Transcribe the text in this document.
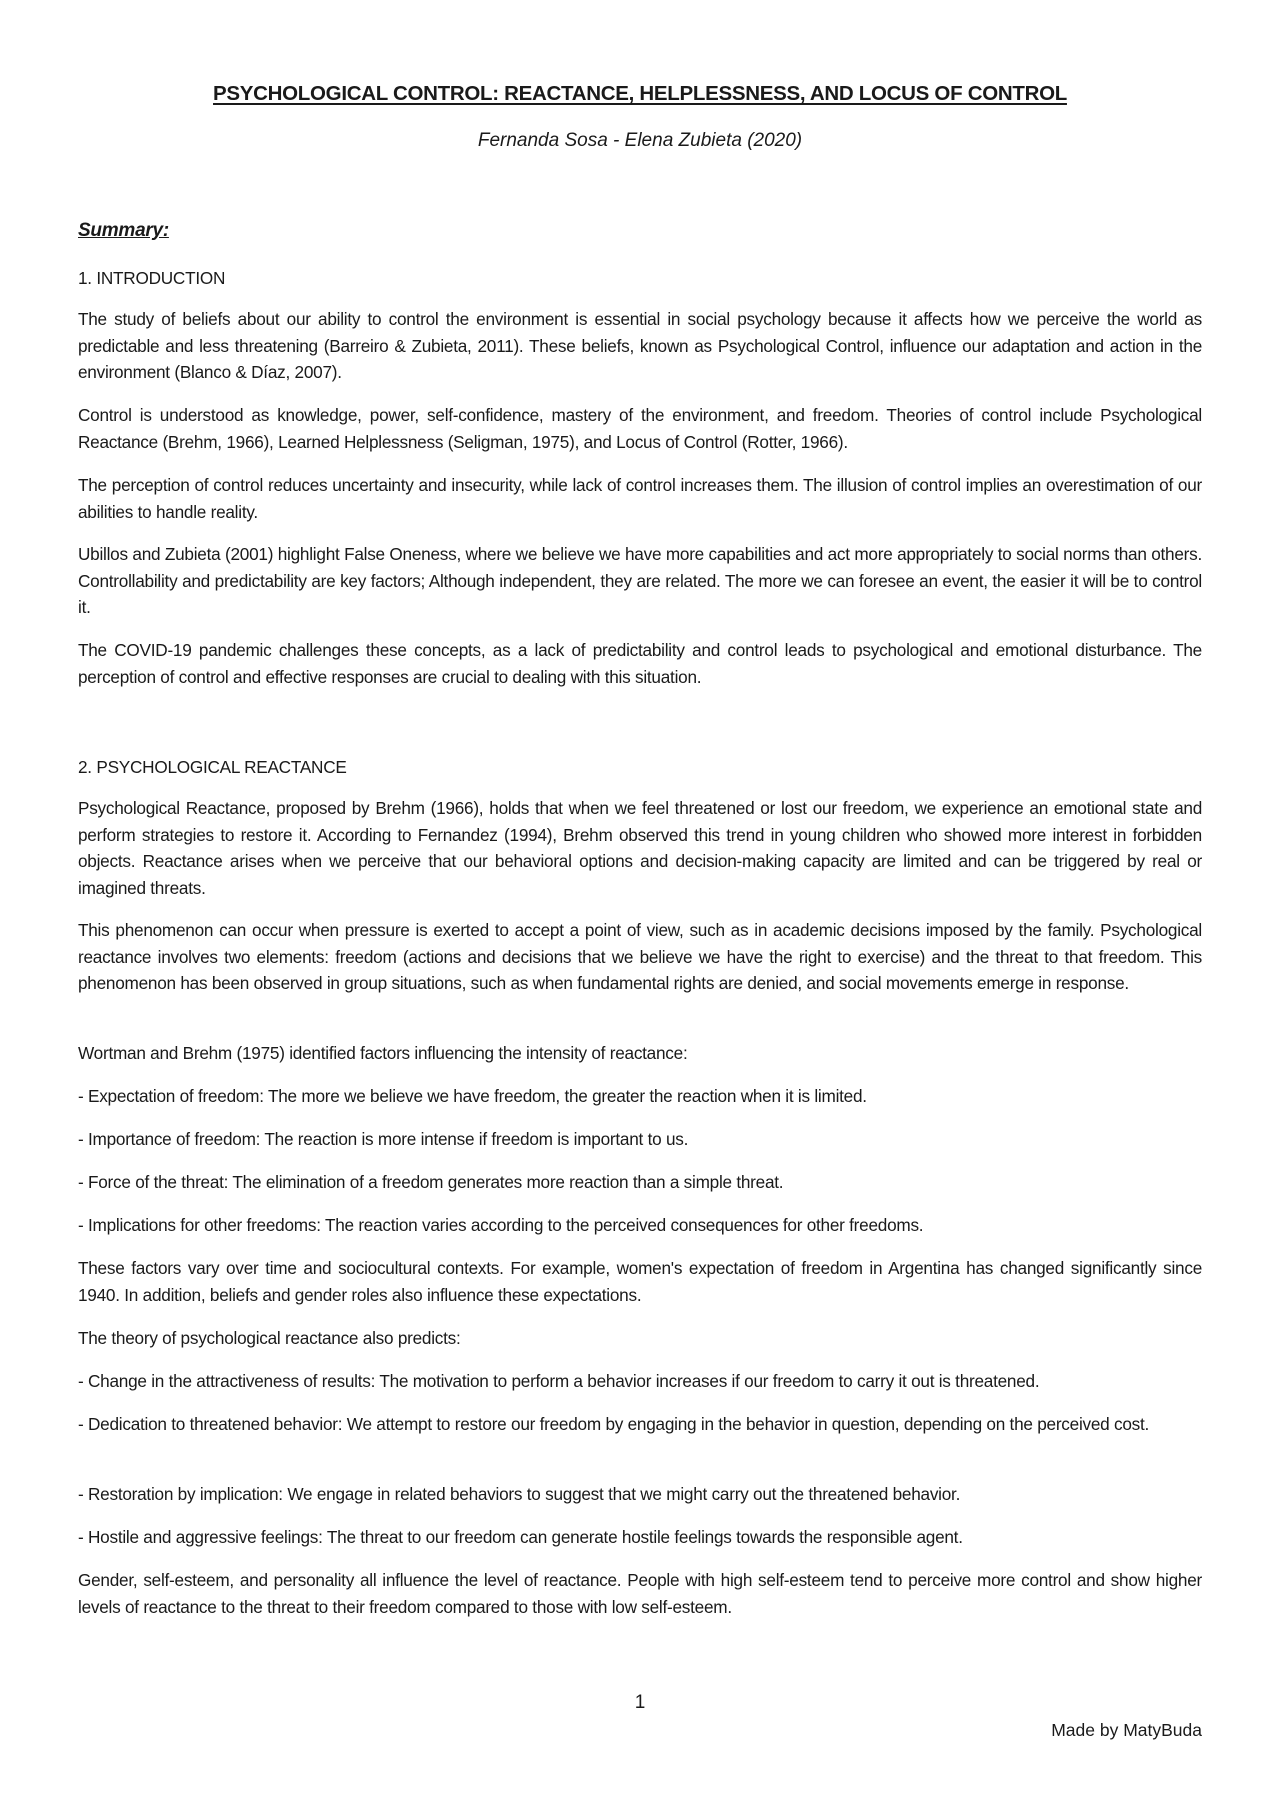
PSYCHOLOGICAL CONTROL: REACTANCE, HELPLESSNESS, AND LOCUS OF CONTROL
Fernanda Sosa - Elena Zubieta (2020)
Summary:
1. INTRODUCTION
The study of beliefs about our ability to control the environment is essential in social psychology because it affects how we perceive the world as predictable and less threatening (Barreiro & Zubieta, 2011). These beliefs, known as Psychological Control, influence our adaptation and action in the environment (Blanco & Díaz, 2007).
Control is understood as knowledge, power, self-confidence, mastery of the environment, and freedom. Theories of control include Psychological Reactance (Brehm, 1966), Learned Helplessness (Seligman, 1975), and Locus of Control (Rotter, 1966).
The perception of control reduces uncertainty and insecurity, while lack of control increases them. The illusion of control implies an overestimation of our abilities to handle reality.
Ubillos and Zubieta (2001) highlight False Oneness, where we believe we have more capabilities and act more appropriately to social norms than others. Controllability and predictability are key factors; Although independent, they are related. The more we can foresee an event, the easier it will be to control it.
The COVID-19 pandemic challenges these concepts, as a lack of predictability and control leads to psychological and emotional disturbance. The perception of control and effective responses are crucial to dealing with this situation.
2. PSYCHOLOGICAL REACTANCE
Psychological Reactance, proposed by Brehm (1966), holds that when we feel threatened or lost our freedom, we experience an emotional state and perform strategies to restore it. According to Fernandez (1994), Brehm observed this trend in young children who showed more interest in forbidden objects. Reactance arises when we perceive that our behavioral options and decision-making capacity are limited and can be triggered by real or imagined threats.
This phenomenon can occur when pressure is exerted to accept a point of view, such as in academic decisions imposed by the family. Psychological reactance involves two elements: freedom (actions and decisions that we believe we have the right to exercise) and the threat to that freedom. This phenomenon has been observed in group situations, such as when fundamental rights are denied, and social movements emerge in response.
Wortman and Brehm (1975) identified factors influencing the intensity of reactance:
- Expectation of freedom: The more we believe we have freedom, the greater the reaction when it is limited.
- Importance of freedom: The reaction is more intense if freedom is important to us.
- Force of the threat: The elimination of a freedom generates more reaction than a simple threat.
- Implications for other freedoms: The reaction varies according to the perceived consequences for other freedoms.
These factors vary over time and sociocultural contexts. For example, women's expectation of freedom in Argentina has changed significantly since 1940. In addition, beliefs and gender roles also influence these expectations.
The theory of psychological reactance also predicts:
- Change in the attractiveness of results: The motivation to perform a behavior increases if our freedom to carry it out is threatened.
- Dedication to threatened behavior: We attempt to restore our freedom by engaging in the behavior in question, depending on the perceived cost.
- Restoration by implication: We engage in related behaviors to suggest that we might carry out the threatened behavior.
- Hostile and aggressive feelings: The threat to our freedom can generate hostile feelings towards the responsible agent.
Gender, self-esteem, and personality all influence the level of reactance. People with high self-esteem tend to perceive more control and show higher levels of reactance to the threat to their freedom compared to those with low self-esteem.
1
Made by MatyBuda
